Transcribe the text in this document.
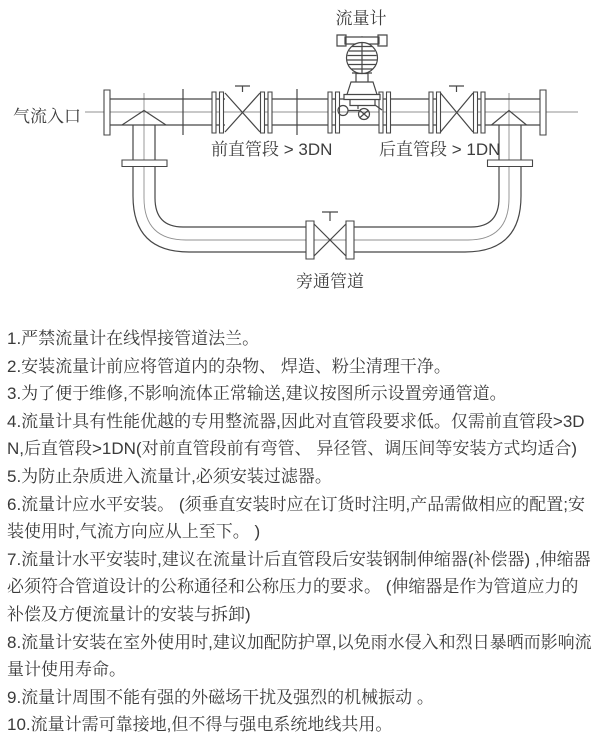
流量计
气流入口
前直管段 > 3DN	后直管段 > 1DN
旁通管道

1.严禁流量计在线悍接管道法兰。

2.安装流量计前应将管道内的杂物、 焊造、粉尘清理干净。

3.为了便于维修,不影响流体正常输送,建议按图所示设置旁通管道。

4.流量计具有性能优越的专用整流器,因此对直管段要求低。仅需前直管段>3DN,后直管段>1DN(对前直管段前有弯管、 异径管、调压间等安装方式均适合)

5.为防止杂质进入流量计,必须安装过滤器。

6.流量计应水平安装。 (须垂直安装时应在订货时注明,产品需做相应的配置;安装使用时,气流方向应从上至下。 )

7.流量计水平安装时,建议在流量计后直管段后安装钢制伸缩器(补偿器) ,伸缩器必须符合管道设计的公称通径和公称压力的要求。 (伸缩器是作为管道应力的补偿及方便流量计的安装与拆卸)

8.流量计安装在室外使用时,建议加配防护罩,以免雨水侵入和烈日暴晒而影响流量计使用寿命。

9.流量计周围不能有强的外磁场干扰及强烈的机械振动 。

10.流量计需可靠接地,但不得与强电系统地线共用。
